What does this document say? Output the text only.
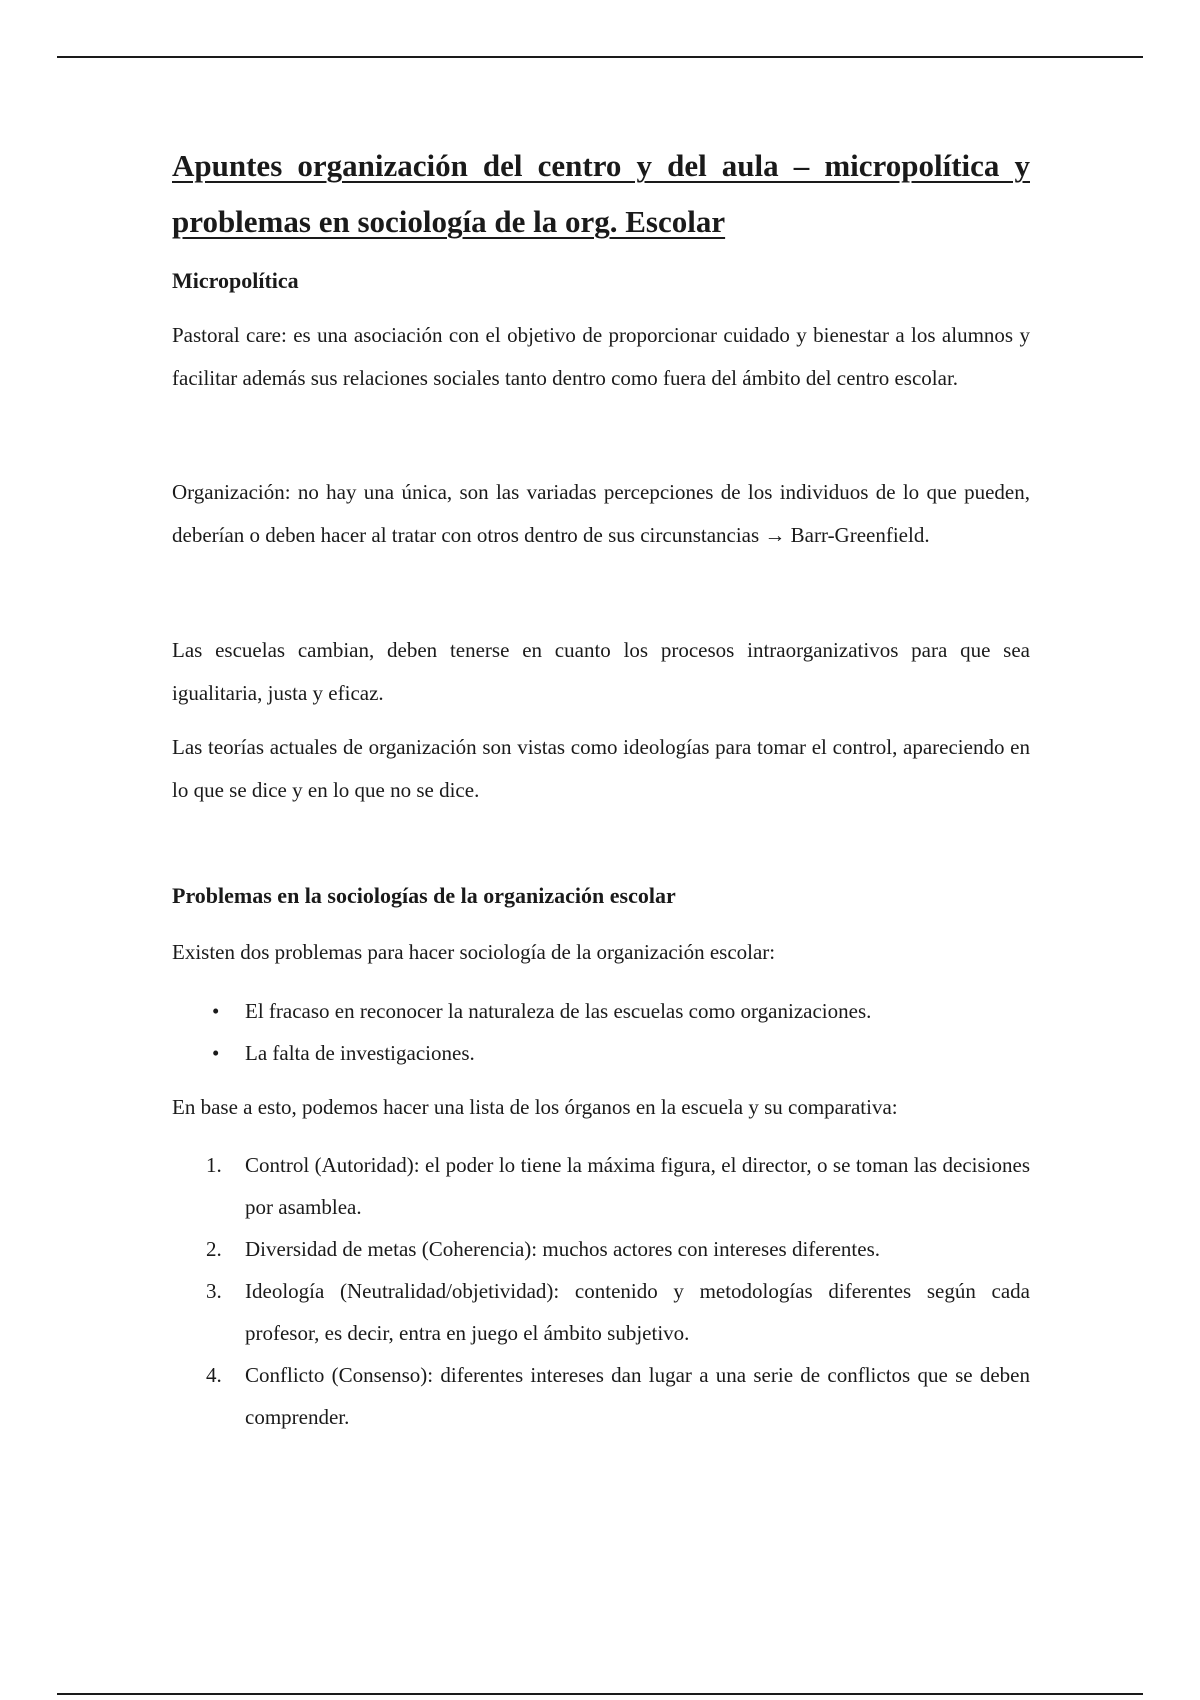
Apuntes organización del centro y del aula – micropolítica y problemas en sociología de la org. Escolar
Micropolítica

Pastoral care: es una asociación con el objetivo de proporcionar cuidado y bienestar a los alumnos y facilitar además sus relaciones sociales tanto dentro como fuera del ámbito del centro escolar.

Organización: no hay una única, son las variadas percepciones de los individuos de lo que pueden, deberían o deben hacer al tratar con otros dentro de sus circunstancias → Barr-Greenfield.

Las escuelas cambian, deben tenerse en cuanto los procesos intraorganizativos para que sea igualitaria, justa y eficaz.

Las teorías actuales de organización son vistas como ideologías para tomar el control, apareciendo en lo que se dice y en lo que no se dice.

Problemas en la sociologías de la organización escolar

Existen dos problemas para hacer sociología de la organización escolar:

• El fracaso en reconocer la naturaleza de las escuelas como organizaciones.
• La falta de investigaciones.

En base a esto, podemos hacer una lista de los órganos en la escuela y su comparativa:

1. Control (Autoridad): el poder lo tiene la máxima figura, el director, o se toman las decisiones por asamblea.
2. Diversidad de metas (Coherencia): muchos actores con intereses diferentes.
3. Ideología (Neutralidad/objetividad): contenido y metodologías diferentes según cada profesor, es decir, entra en juego el ámbito subjetivo.
4. Conflicto (Consenso): diferentes intereses dan lugar a una serie de conflictos que se deben comprender.
